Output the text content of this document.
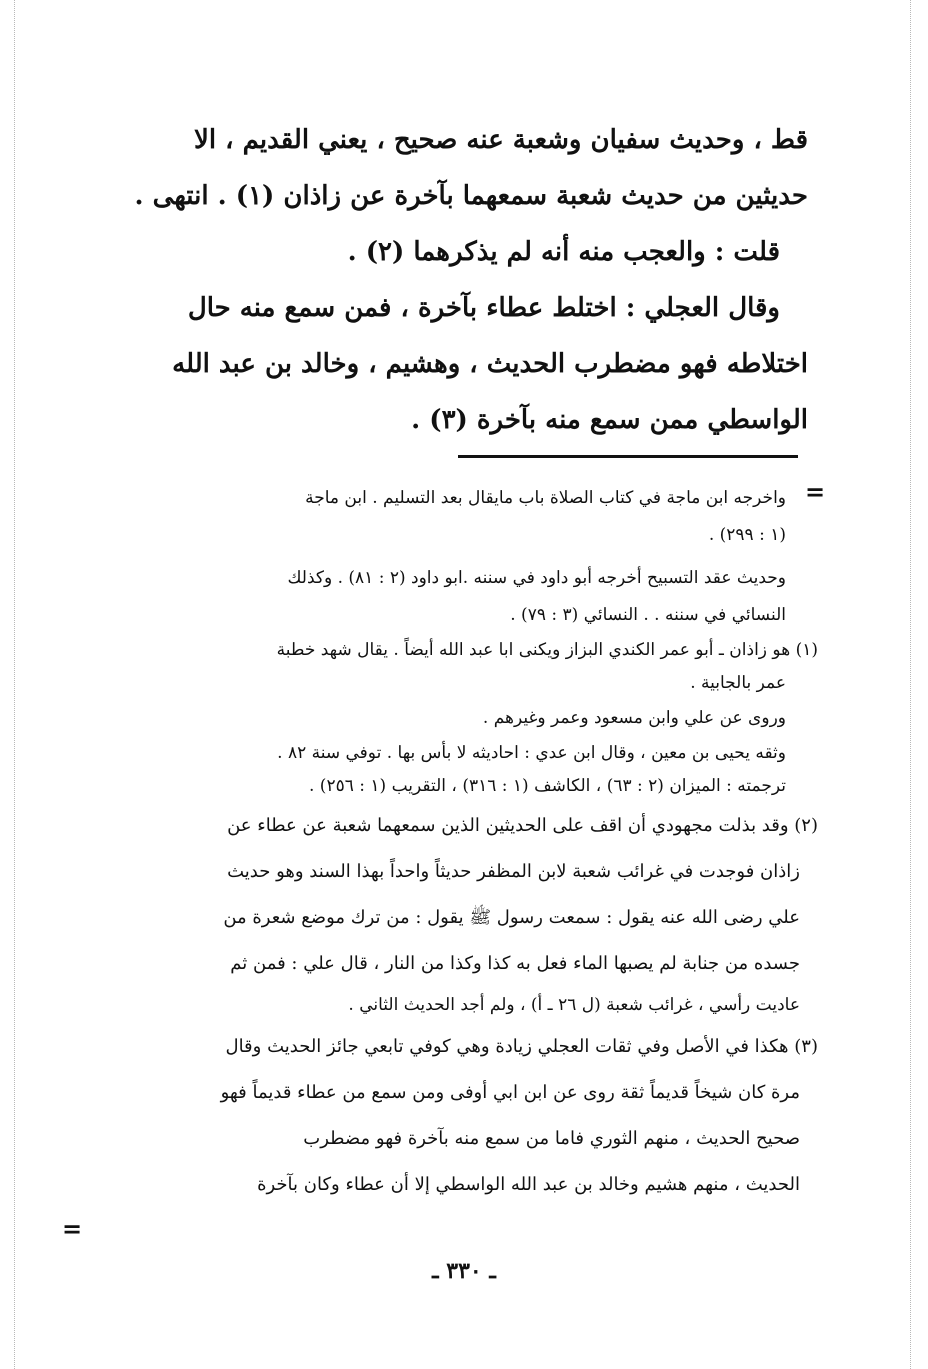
قط ، وحديث سفيان وشعبة عنه صحيح ، يعني القديم ، الا
حديثين من حديث شعبة سمعهما بآخرة عن زاذان (١) . انتهى .
قلت : والعجب منه أنه لم يذكرهما (٢) .
وقال العجلي : اختلط عطاء بآخرة ، فمن سمع منه حال
اختلاطه فهو مضطرب الحديث ، وهشيم ، وخالد بن عبد الله
الواسطي ممن سمع منه بآخرة (٣) .
=
واخرجه ابن ماجة في كتاب الصلاة باب مايقال بعد التسليم . ابن ماجة
(١ : ٢٩٩) .
وحديث عقد التسبيح أخرجه أبو داود في سننه .ابو داود (٢ : ٨١) . وكذلك
النسائي في سننه . . النسائي (٣ : ٧٩) .
(١) هو زاذان ـ أبو عمر الكندي البزاز ويكنى ابا عبد الله أيضاً . يقال شهد خطبة
عمر بالجابية .
وروى عن علي وابن مسعود وعمر وغيرهم .
وثقه يحيى بن معين ، وقال ابن عدي : احاديثه لا بأس بها . توفي سنة ٨٢ .
ترجمته : الميزان (٢ : ٦٣) ، الكاشف (١ : ٣١٦) ، التقريب (١ : ٢٥٦) .
(٢) وقد بذلت مجهودي أن اقف على الحديثين الذين سمعهما شعبة عن عطاء عن
زاذان فوجدت في غرائب شعبة لابن المظفر حديثاً واحداً بهذا السند وهو حديث
علي رضى الله عنه يقول : سمعت رسول ﷺ يقول : من ترك موضع شعرة من
جسده من جنابة لم يصبها الماء فعل به كذا وكذا من النار ، قال علي : فمن ثم
عاديت رأسي ، غرائب شعبة (ل ٢٦ ـ أ) ، ولم أجد الحديث الثاني .
(٣) هكذا في الأصل وفي ثقات العجلي زيادة وهي كوفي تابعي جائز الحديث وقال
مرة كان شيخاً قديماً ثقة روى عن ابن ابي أوفى ومن سمع من عطاء قديماً فهو
صحيح الحديث ، منهم الثوري فاما من سمع منه بآخرة فهو مضطرب
الحديث ، منهم هشيم وخالد بن عبد الله الواسطي إلا أن عطاء وكان بآخرة
=
ـ ٣٣٠ ـ
